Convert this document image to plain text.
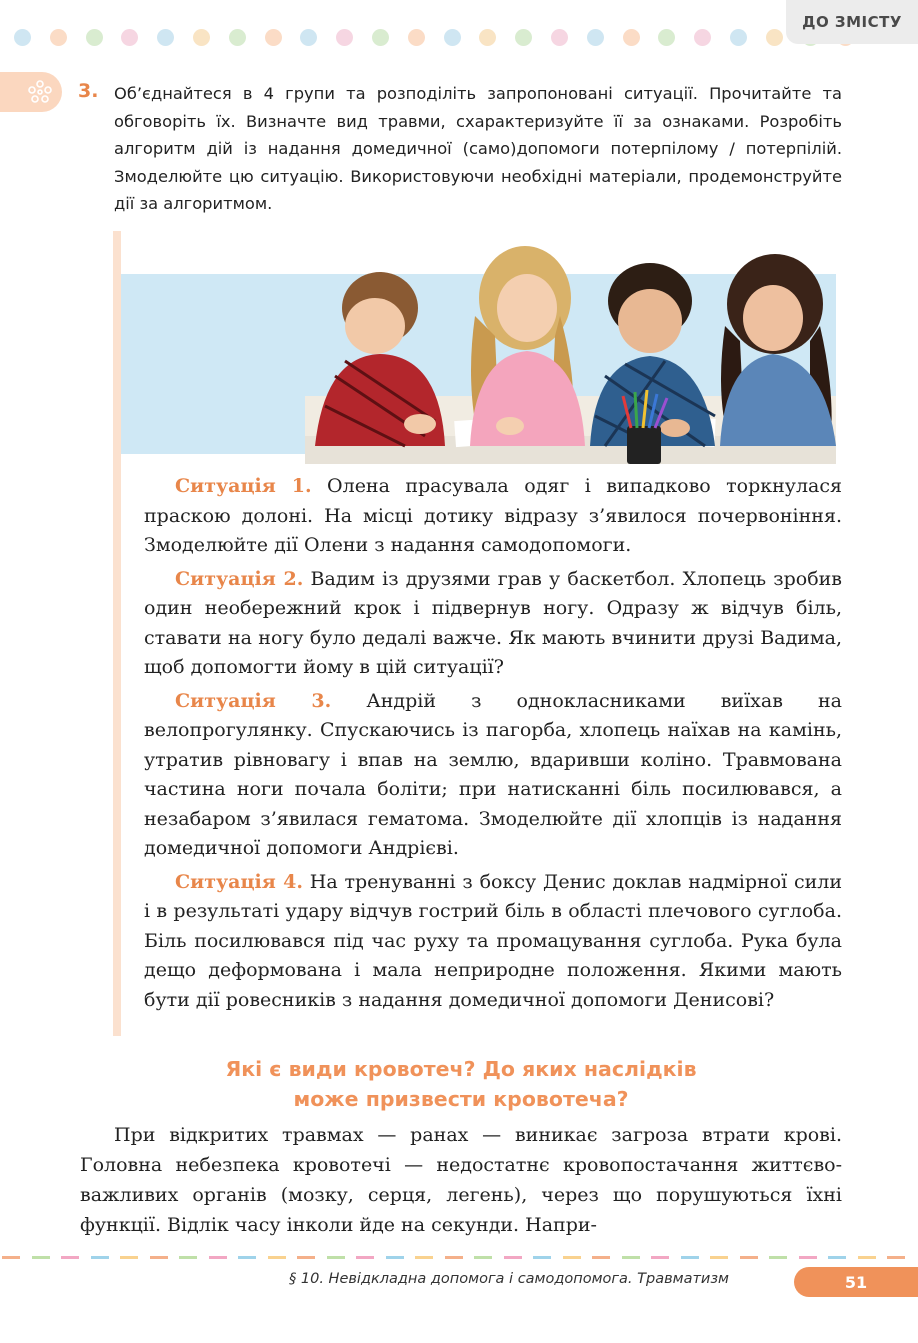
ДО ЗМІСТУ
3. Об’єднайтеся в 4 групи та розподіліть запропоновані ситуації. Прочитайте та обговоріть їх. Визначте вид травми, схарактеризуйте її за ознаками. Розробіть алгоритм дій із надання домедичної (само)допомоги потерпілому / потерпілій. Змоделюйте цю ситуацію. Використовуючи необхідні матеріали, продемонструйте дії за алгоритмом.

Ситуація 1. Олена прасувала одяг і випадково торкнулася праскою долоні. На місці дотику відразу з’явилося почервоніння. Змоделюйте дії Олени з надання самодопомоги.

Ситуація 2. Вадим із друзями грав у баскетбол. Хлопець зробив один необережний крок і підвернув ногу. Одразу ж відчув біль, ставати на ногу було дедалі важче. Як мають вчинити друзі Вадима, щоб допомогти йому в цій ситуації?

Ситуація 3. Андрій з однокласниками виїхав на велопрогулянку. Спускаючись із пагорба, хлопець наїхав на камінь, утратив рівновагу і впав на землю, вдаривши коліно. Травмована частина ноги почала боліти; при натисканні біль посилювався, а незабаром з’явилася гематома. Змоделюйте дії хлопців із надання домедичної допомоги Андрієві.

Ситуація 4. На тренуванні з боксу Денис доклав надмірної сили і в результаті удару відчув гострий біль в області плечового суглоба. Біль посилювався під час руху та промацування суглоба. Рука була дещо деформована і мала неприродне положення. Якими мають бути дії ровесників з надання домедичної допомоги Денисові?

Які є види кровотеч? До яких наслідків
може призвести кровотеча?
При відкритих травмах — ранах — виникає загроза втрати крові. Головна небезпека кровотечі — недостатнє кровопостачання життєво-важливих органів (мозку, серця, легень), через що порушуються їхні функції. Відлік часу інколи йде на секунди. Напри-
§ 10. Невідкладна допомога і самодопомога. Травматизм	51
